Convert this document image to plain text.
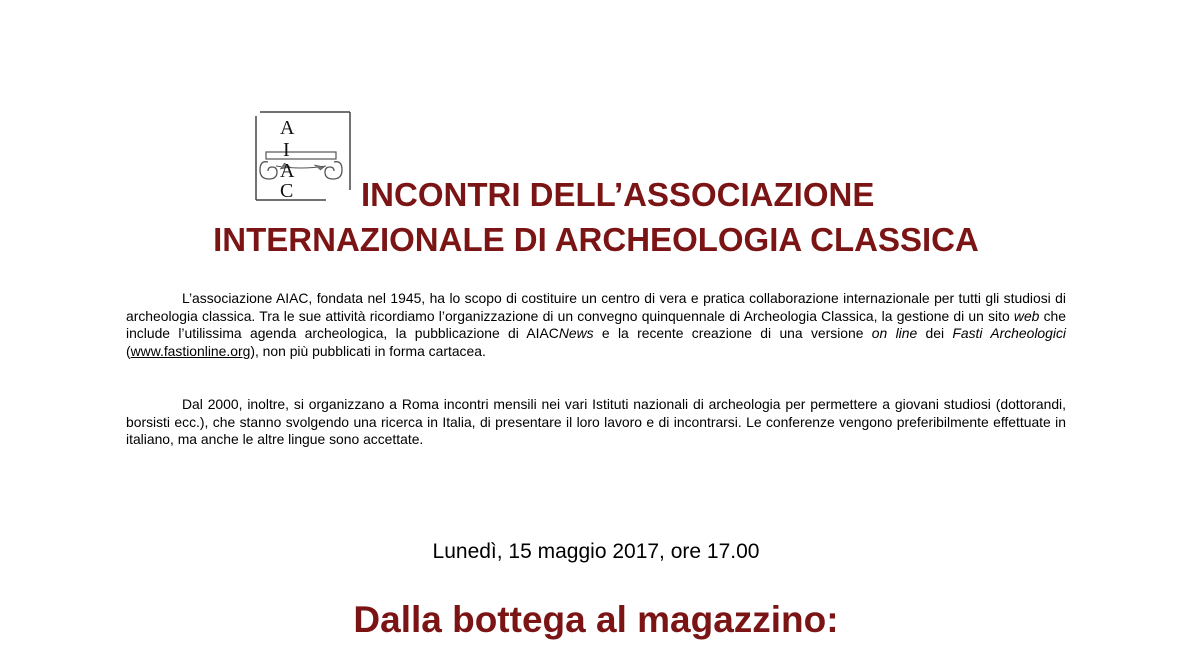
A
I
A
C INCONTRI DELL’ASSOCIAZIONE
INTERNAZIONALE DI ARCHEOLOGIA CLASSICA

L’associazione AIAC, fondata nel 1945, ha lo scopo di costituire un centro di vera e pratica collaborazione internazionale per tutti gli studiosi di archeologia classica. Tra le sue attività ricordiamo l’organizzazione di un convegno quinquennale di Archeologia Classica, la gestione di un sito web che include l’utilissima agenda archeologica, la pubblicazione di AIACNews e la recente creazione di una versione on line dei Fasti Archeologici (www.fastionline.org), non più pubblicati in forma cartacea.

Dal 2000, inoltre, si organizzano a Roma incontri mensili nei vari Istituti nazionali di archeologia per permettere a giovani studiosi (dottorandi, borsisti ecc.), che stanno svolgendo una ricerca in Italia, di presentare il loro lavoro e di incontrarsi. Le conferenze vengono preferibilmente effettuate in italiano, ma anche le altre lingue sono accettate.

Lunedì, 15 maggio 2017, ore 17.00
Dalla bottega al magazzino:
